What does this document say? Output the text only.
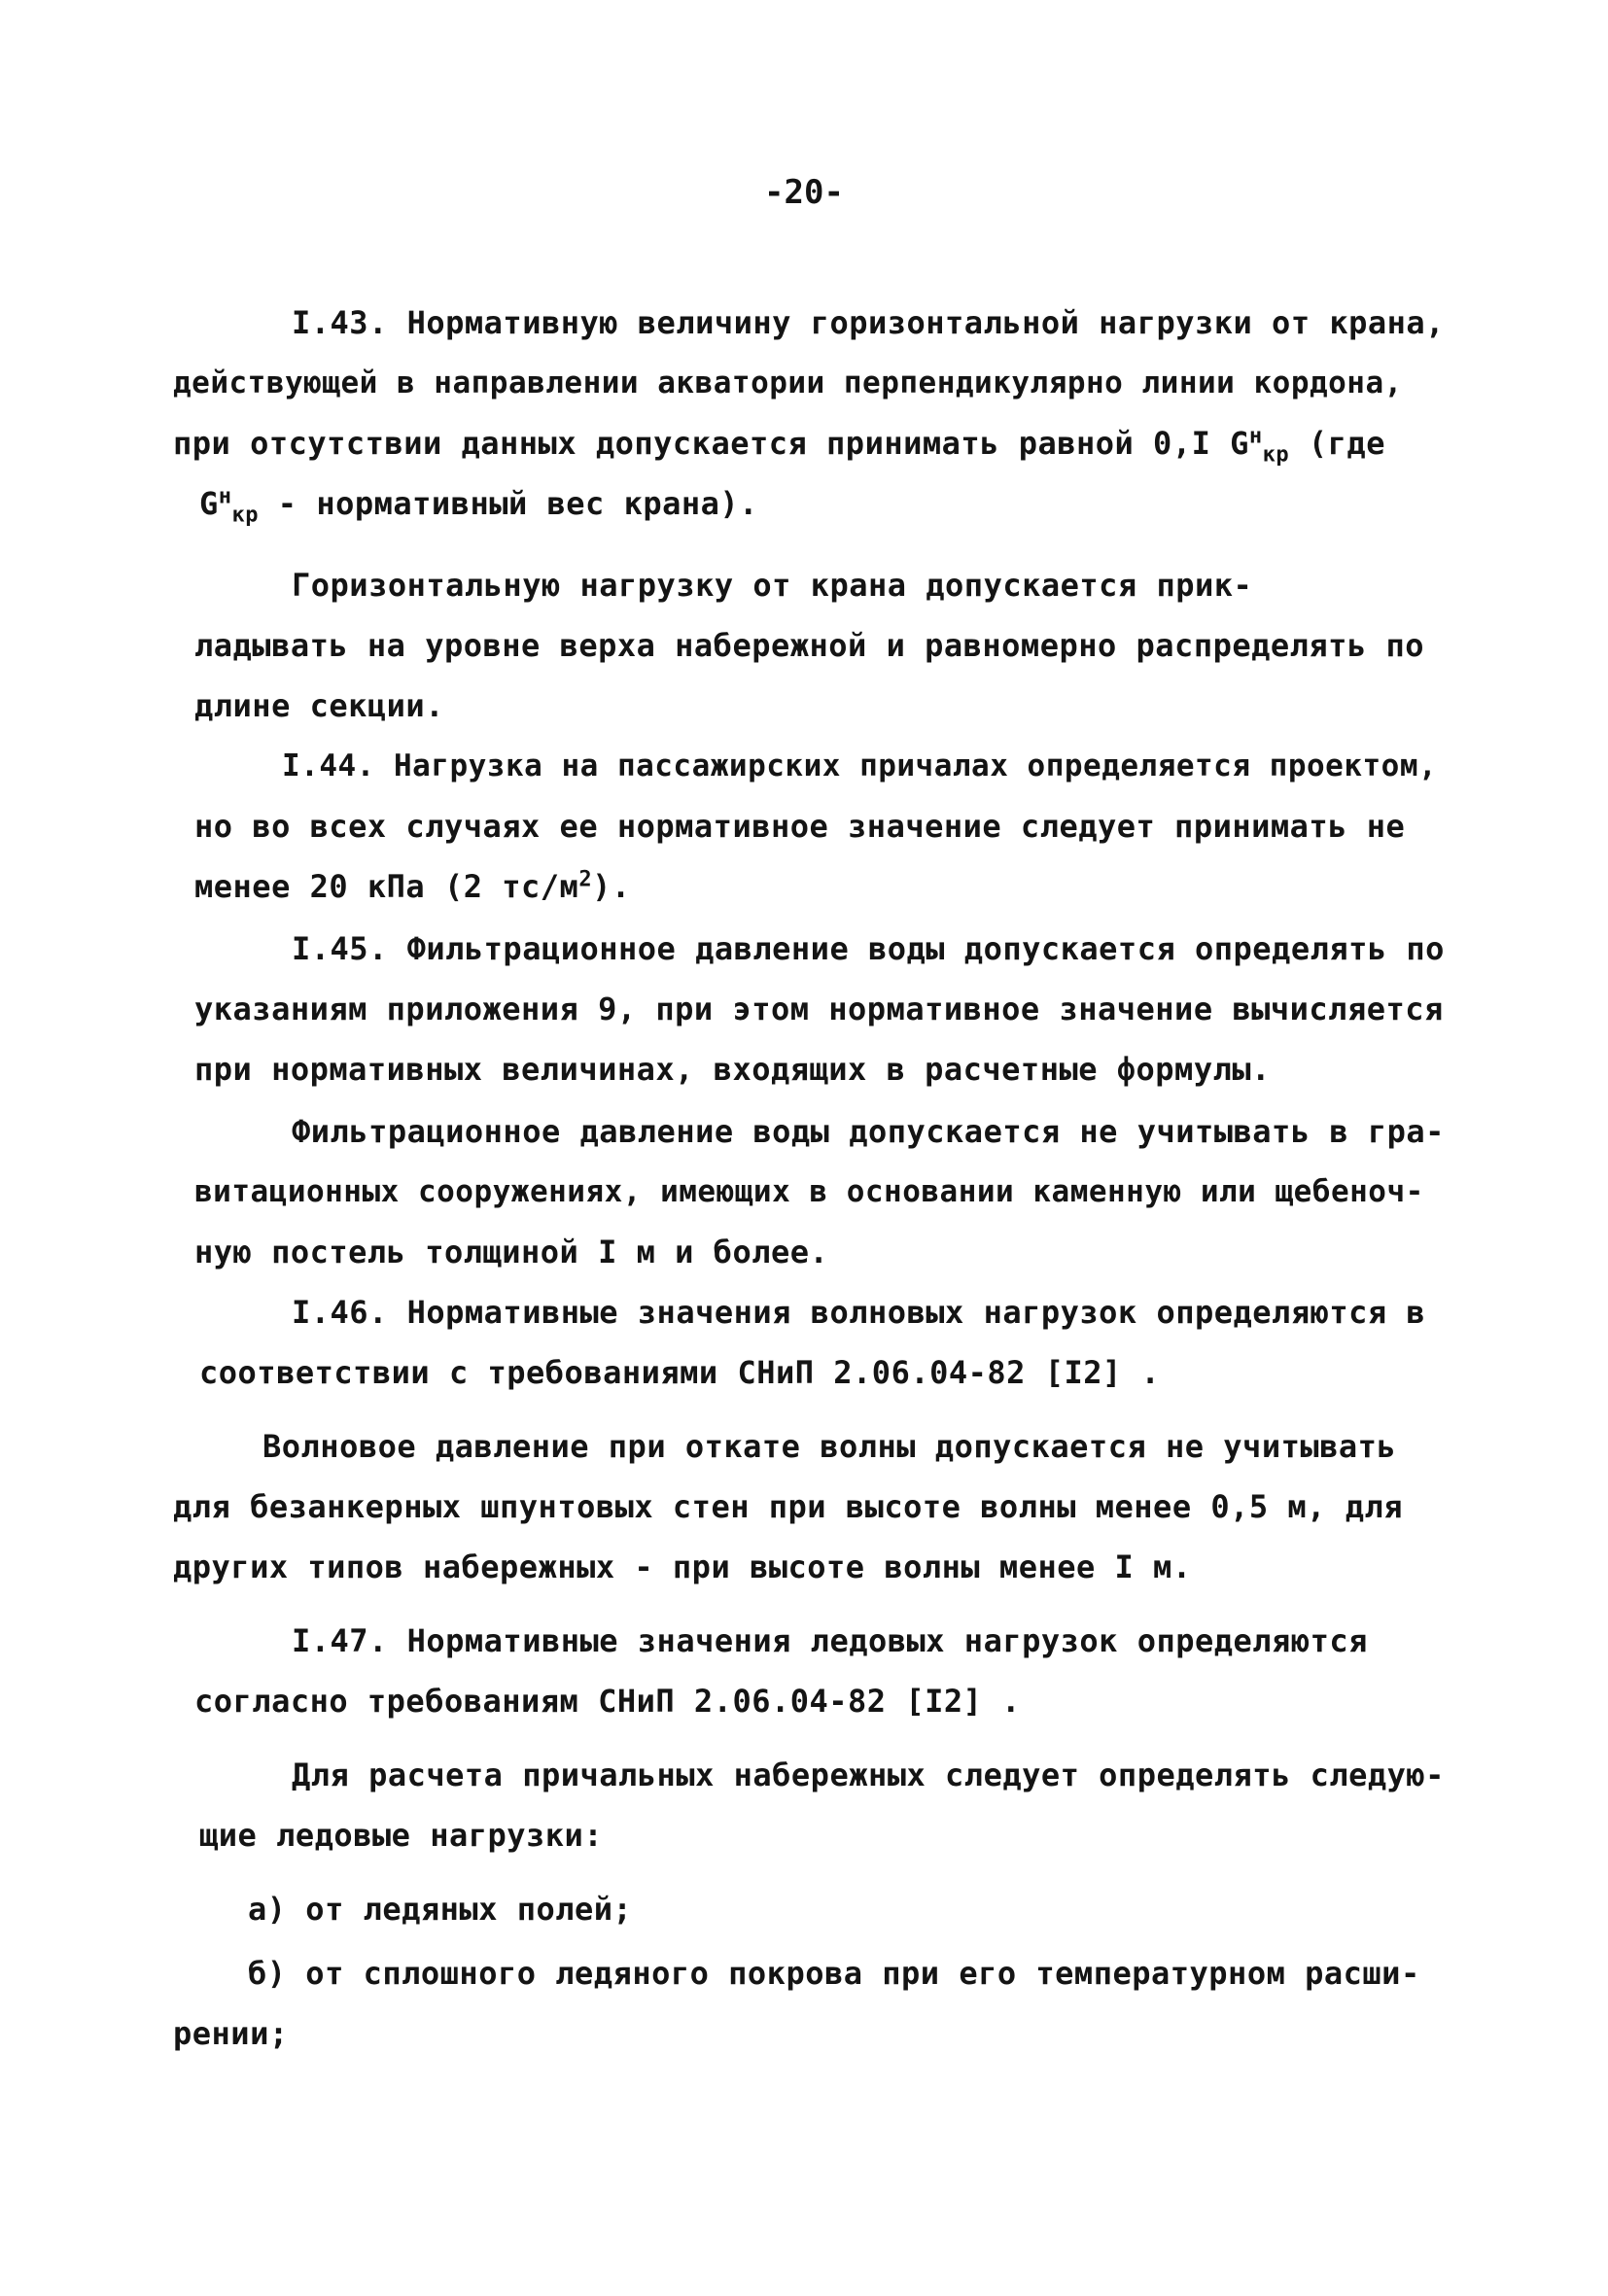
-20-
I.43. Нормативную величину горизонтальной нагрузки от крана,
действующей в направлении акватории перпендикулярно линии кордона,
при отсутствии данных допускается принимать равной 0,I $G^н_{кр}$ (где
$G^н_{кр}$ - нормативный вес крана).
Горизонтальную нагрузку от крана допускается прик-
ладывать на уровне верха набережной и равномерно распределять по
длине секции.
I.44. Нагрузка на пассажирских причалах определяется проектом,
но во всех случаях ее нормативное значение следует принимать не
менее 20 кПа (2 $тс/м^2$).
I.45. Фильтрационное давление воды допускается определять по
указаниям приложения 9, при этом нормативное значение вычисляется
при нормативных величинах, входящих в расчетные формулы.
Фильтрационное давление воды допускается не учитывать в гра-
витационных сооружениях, имеющих в основании каменную или щебеноч-
ную постель толщиной I м и более.
I.46. Нормативные значения волновых нагрузок определяются в
соответствии с требованиями СНиП 2.06.04-82 [I2] .
Волновое давление при откате волны допускается не учитывать
для безанкерных шпунтовых стен при высоте волны менее 0,5 м, для
других типов набережных - при высоте волны менее I м.
I.47. Нормативные значения ледовых нагрузок определяются
согласно требованиям СНиП 2.06.04-82 [I2] .
Для расчета причальных набережных следует определять следую-
щие ледовые нагрузки:
а) от ледяных полей;
б) от сплошного ледяного покрова при его температурном расши-
рении;
